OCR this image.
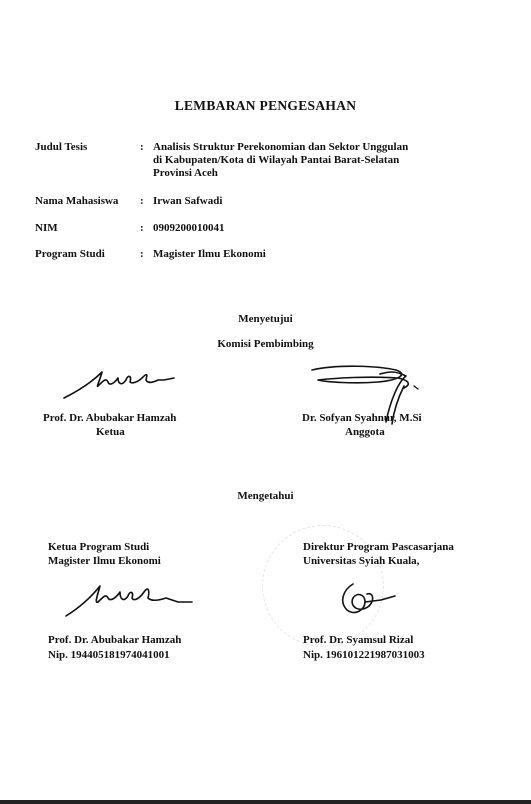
LEMBARAN PENGESAHAN
Judul Tesis	: Analisis Struktur Perekonomian dan Sektor Unggulan
di Kabupaten/Kota di Wilayah Pantai Barat-Selatan
Provinsi Aceh
Nama Mahasiswa : Irwan Safwadi
NIM	: 0909200010041
Program Studi	: Magister Ilmu Ekonomi
Menyetujui
Komisi Pembimbing
Prof. Dr. Abubakar Hamzah
Ketua
Dr. Sofyan Syahnur, M.Si
Anggota
Mengetahui
Ketua Program Studi
Magister Ilmu Ekonomi
Direktur Program Pascasarjana
Universitas Syiah Kuala,
Prof. Dr. Abubakar Hamzah
Nip. 194405181974041001
Prof. Dr. Syamsul Rizal
Nip. 196101221987031003
